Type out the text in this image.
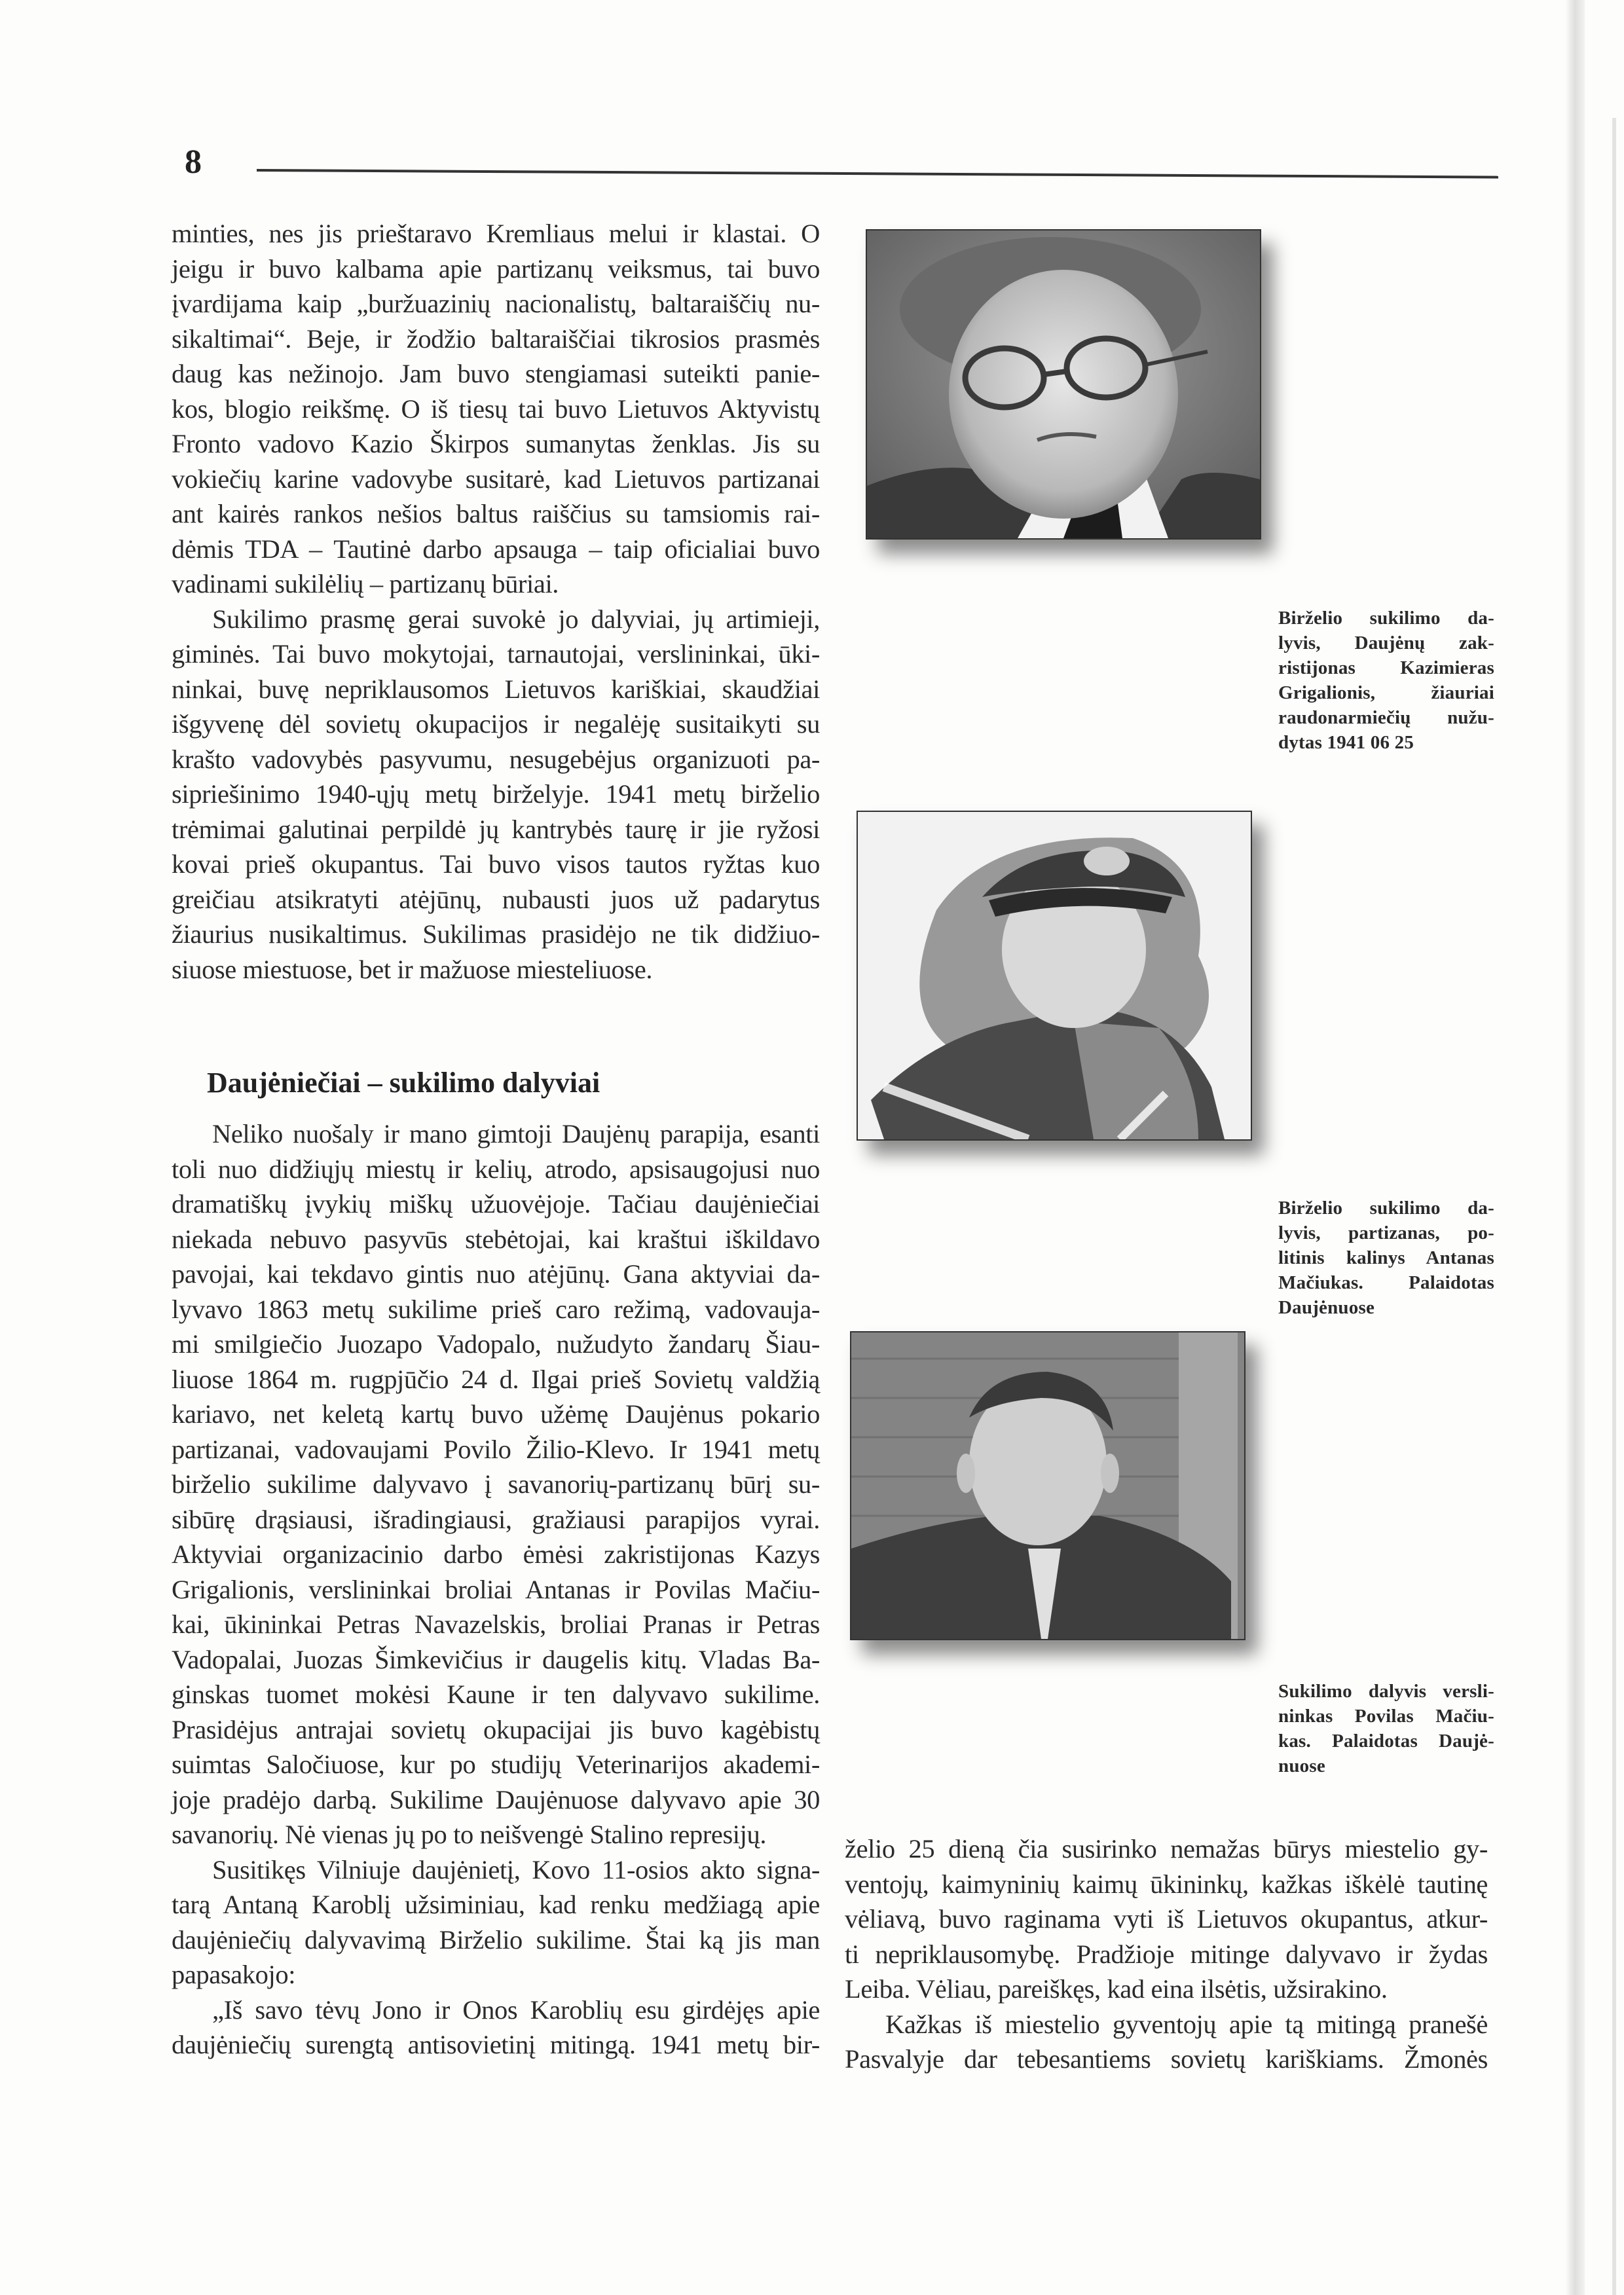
8

minties, nes jis prieštaravo Kremliaus melui ir klastai. O
jeigu ir buvo kalbama apie partizanų veiksmus, tai buvo
įvardijama kaip „buržuazinių nacionalistų, baltaraiščių nu-
sikaltimai“. Beje, ir žodžio baltaraiščiai tikrosios prasmės
daug kas nežinojo. Jam buvo stengiamasi suteikti panie-
kos, blogio reikšmę. O iš tiesų tai buvo Lietuvos Aktyvistų
Fronto vadovo Kazio Škirpos sumanytas ženklas. Jis su
vokiečių karine vadovybe susitarė, kad Lietuvos partizanai
ant kairės rankos nešios baltus raiščius su tamsiomis rai-
dėmis TDA – Tautinė darbo apsauga – taip oficialiai buvo
vadinami sukilėlių – partizanų būriai.

Sukilimo prasmę gerai suvokė jo dalyviai, jų artimieji,
giminės. Tai buvo mokytojai, tarnautojai, verslininkai, ūki-
ninkai, buvę nepriklausomos Lietuvos kariškiai, skaudžiai
išgyvenę dėl sovietų okupacijos ir negalėję susitaikyti su
krašto vadovybės pasyvumu, nesugebėjus organizuoti pa-
sipriešinimo 1940-ųjų metų birželyje. 1941 metų birželio
trėmimai galutinai perpildė jų kantrybės taurę ir jie ryžosi
kovai prieš okupantus. Tai buvo visos tautos ryžtas kuo
greičiau atsikratyti atėjūnų, nubausti juos už padarytus
žiaurius nusikaltimus. Sukilimas prasidėjo ne tik didžiuo-
siuose miestuose, bet ir mažuose miesteliuose.

Daujėniečiai – sukilimo dalyviai

Neliko nuošaly ir mano gimtoji Daujėnų parapija, esanti
toli nuo didžiųjų miestų ir kelių, atrodo, apsisaugojusi nuo
dramatiškų įvykių miškų užuovėjoje. Tačiau daujėniečiai
niekada nebuvo pasyvūs stebėtojai, kai kraštui iškildavo
pavojai, kai tekdavo gintis nuo atėjūnų. Gana aktyviai da-
lyvavo 1863 metų sukilime prieš caro režimą, vadovauja-
mi smilgiečio Juozapo Vadopalo, nužudyto žandarų Šiau-
liuose 1864 m. rugpjūčio 24 d. Ilgai prieš Sovietų valdžią
kariavo, net keletą kartų buvo užėmę Daujėnus pokario
partizanai, vadovaujami Povilo Žilio-Klevo. Ir 1941 metų
birželio sukilime dalyvavo į savanorių-partizanų būrį su-
sibūrę drąsiausi, išradingiausi, gražiausi parapijos vyrai.
Aktyviai organizacinio darbo ėmėsi zakristijonas Kazys
Grigalionis, verslininkai broliai Antanas ir Povilas Mačiu-
kai, ūkininkai Petras Navazelskis, broliai Pranas ir Petras
Vadopalai, Juozas Šimkevičius ir daugelis kitų. Vladas Ba-
ginskas tuomet mokėsi Kaune ir ten dalyvavo sukilime.
Prasidėjus antrajai sovietų okupacijai jis buvo kagėbistų
suimtas Saločiuose, kur po studijų Veterinarijos akademi-
joje pradėjo darbą. Sukilime Daujėnuose dalyvavo apie 30
savanorių. Nė vienas jų po to neišvengė Stalino represijų.

Susitikęs Vilniuje daujėnietį, Kovo 11-osios akto signa-
tarą Antaną Karoblį užsiminiau, kad renku medžiagą apie
daujėniečių dalyvavimą Birželio sukilime. Štai ką jis man
papasakojo:

„Iš savo tėvų Jono ir Onos Karoblių esu girdėjęs apie
daujėniečių surengtą antisovietinį mitingą. 1941 metų bir-

Birželio sukilimo da-
lyvis, Daujėnų zak-
ristijonas Kazimieras
Grigalionis, žiauriai
raudonarmiečių nužu-
dytas 1941 06 25
Birželio sukilimo da-
lyvis, partizanas, po-
litinis kalinys Antanas
Mačiukas. Palaidotas
Daujėnuose
Sukilimo dalyvis versli-
ninkas Povilas Mačiu-
kas. Palaidotas Daujė-
nuose

želio 25 dieną čia susirinko nemažas būrys miestelio gy-
ventojų, kaimyninių kaimų ūkininkų, kažkas iškėlė tautinę
vėliavą, buvo raginama vyti iš Lietuvos okupantus, atkur-
ti nepriklausomybę. Pradžioje mitinge dalyvavo ir žydas
Leiba. Vėliau, pareiškęs, kad eina ilsėtis, užsirakino.

Kažkas iš miestelio gyventojų apie tą mitingą pranešė
Pasvalyje dar tebesantiems sovietų kariškiams. Žmonės
